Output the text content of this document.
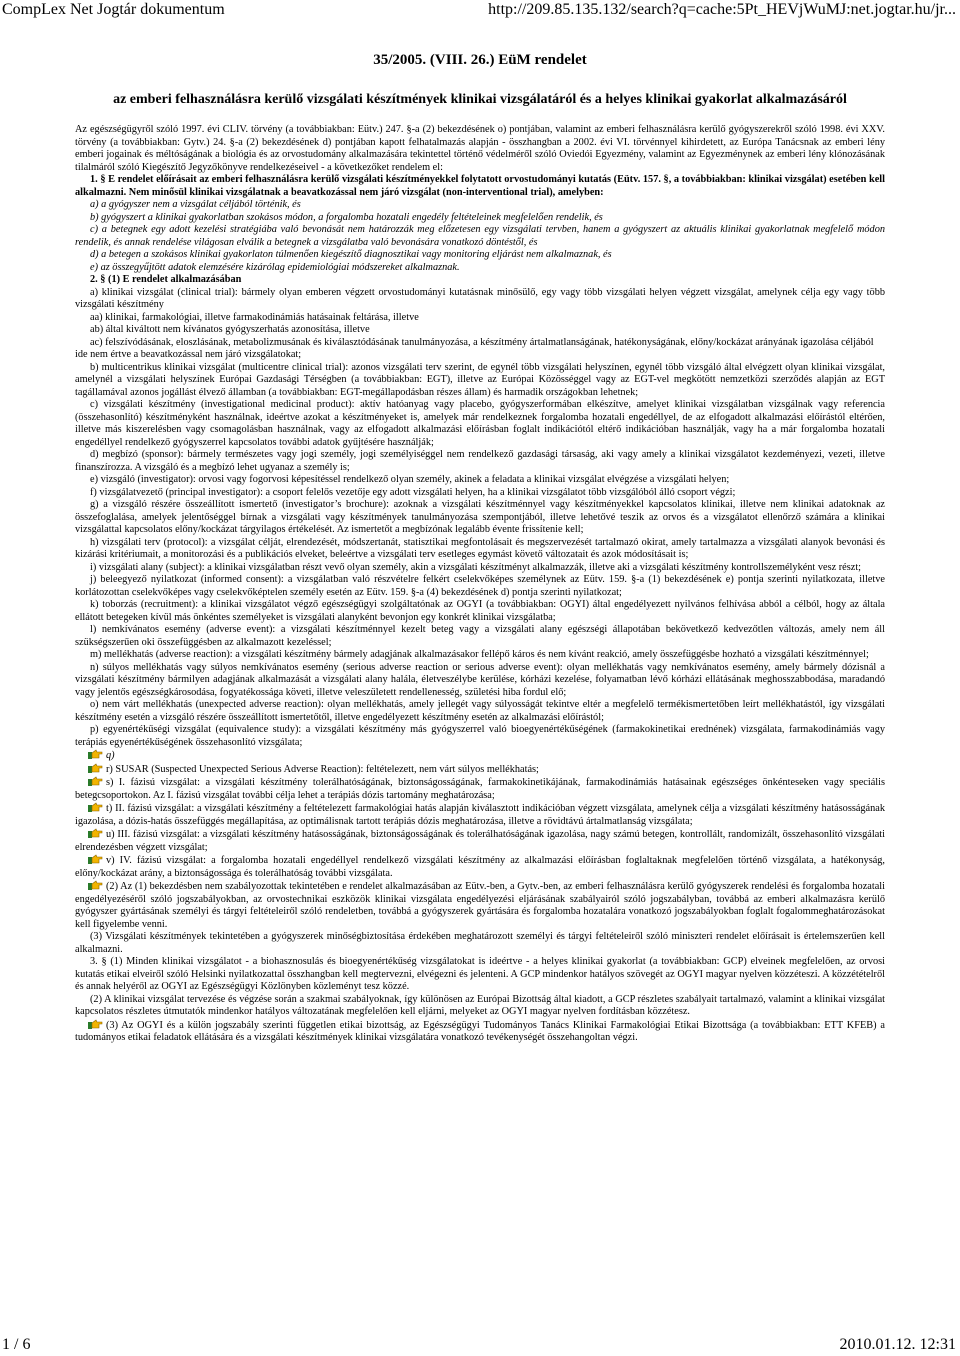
CompLex Net Jogtár dokumentum	http://209.85.135.132/search?q=cache:5Pt_HEVjWuMJ:net.jogtar.hu/jr...
35/2005. (VIII. 26.) EüM rendelet
az emberi felhasználásra kerülő vizsgálati készítmények klinikai vizsgálatáról és a helyes klinikai gyakorlat alkalmazásáról

Az egészségügyről szóló 1997. évi CLIV. törvény (a továbbiakban: Eütv.) 247. §-a (2) bekezdésének o) pontjában, valamint az emberi felhasználásra kerülő gyógyszerekről szóló 1998. évi XXV. törvény (a továbbiakban: Gytv.) 24. §-a (2) bekezdésének d) pontjában kapott felhatalmazás alapján - összhangban a 2002. évi VI. törvénnyel kihirdetett, az Európa Tanácsnak az emberi lény emberi jogainak és méltóságának a biológia és az orvostudomány alkalmazására tekintettel történő védelméről szóló Oviedói Egyezmény, valamint az Egyezménynek az emberi lény klónozásának tilalmáról szóló Kiegészítő Jegyzőkönyve rendelkezéseivel - a következőket rendelem el:

1. § E rendelet előírásait az emberi felhasználásra kerülő vizsgálati készítményekkel folytatott orvostudományi kutatás (Eütv. 157. §, a továbbiakban: klinikai vizsgálat) esetében kell alkalmazni. Nem minősül klinikai vizsgálatnak a beavatkozással nem járó vizsgálat (non-interventional trial), amelyben:

a) a gyógyszer nem a vizsgálat céljából történik, és

b) gyógyszert a klinikai gyakorlatban szokásos módon, a forgalomba hozatali engedély feltételeinek megfelelően rendelik, és

c) a betegnek egy adott kezelési stratégiába való bevonását nem határozzák meg előzetesen egy vizsgálati tervben, hanem a gyógyszert az aktuális klinikai gyakorlatnak megfelelő módon rendelik, és annak rendelése világosan elválik a betegnek a vizsgálatba való bevonására vonatkozó döntéstől, és

d) a betegen a szokásos klinikai gyakorlaton túlmenően kiegészítő diagnosztikai vagy monitoring eljárást nem alkalmaznak, és

e) az összegyűjtött adatok elemzésére kizárólag epidemiológiai módszereket alkalmaznak.

2. § (1) E rendelet alkalmazásában

a) klinikai vizsgálat (clinical trial): bármely olyan emberen végzett orvostudományi kutatásnak minősülő, egy vagy több vizsgálati helyen végzett vizsgálat, amelynek célja egy vagy több vizsgálati készítmény

aa) klinikai, farmakológiai, illetve farmakodinámiás hatásainak feltárása, illetve

ab) által kiváltott nem kívánatos gyógyszerhatás azonosítása, illetve

ac) felszívódásának, eloszlásának, metabolizmusának és kiválasztódásának tanulmányozása, a készítmény ártalmatlanságának, hatékonyságának, előny/kockázat arányának igazolása céljából

ide nem értve a beavatkozással nem járó vizsgálatokat;

b) multicentrikus klinikai vizsgálat (multicentre clinical trial): azonos vizsgálati terv szerint, de egynél több vizsgálati helyszínen, egynél több vizsgáló által elvégzett olyan klinikai vizsgálat, amelynél a vizsgálati helyszínek Európai Gazdasági Térségben (a továbbiakban: EGT), illetve az Európai Közösséggel vagy az EGT-vel megkötött nemzetközi szerződés alapján az EGT tagállamával azonos jogállást élvező államban (a továbbiakban: EGT-megállapodásban részes állam) és harmadik országokban lehetnek;

c) vizsgálati készítmény (investigational medicinal product): aktív hatóanyag vagy placebo, gyógyszerformában elkészítve, amelyet klinikai vizsgálatban vizsgálnak vagy referencia (összehasonlító) készítményként használnak, ideértve azokat a készítményeket is, amelyek már rendelkeznek forgalomba hozatali engedéllyel, de az elfogadott alkalmazási előírástól eltérően, illetve más kiszerelésben vagy csomagolásban használnak, vagy az elfogadott alkalmazási előírásban foglalt indikációtól eltérő indikációban használják, vagy ha a már forgalomba hozatali engedéllyel rendelkező gyógyszerrel kapcsolatos további adatok gyűjtésére használják;

d) megbízó (sponsor): bármely természetes vagy jogi személy, jogi személyiséggel nem rendelkező gazdasági társaság, aki vagy amely a klinikai vizsgálatot kezdeményezi, vezeti, illetve finanszírozza. A vizsgáló és a megbízó lehet ugyanaz a személy is;

e) vizsgáló (investigator): orvosi vagy fogorvosi képesítéssel rendelkező olyan személy, akinek a feladata a klinikai vizsgálat elvégzése a vizsgálati helyen;

f) vizsgálatvezető (principal investigator): a csoport felelős vezetője egy adott vizsgálati helyen, ha a klinikai vizsgálatot több vizsgálóból álló csoport végzi;

g) a vizsgáló részére összeállított ismertető (investigator’s brochure): azoknak a vizsgálati készítménnyel vagy készítményekkel kapcsolatos klinikai, illetve nem klinikai adatoknak az összefoglalása, amelyek jelentőséggel bírnak a vizsgálati vagy készítmények tanulmányozása szempontjából, illetve lehetővé teszik az orvos és a vizsgálatot ellenőrző számára a klinikai vizsgálattal kapcsolatos előny/kockázat tárgyilagos értékelését. Az ismertetőt a megbízónak legalább évente frissítenie kell;

h) vizsgálati terv (protocol): a vizsgálat célját, elrendezését, módszertanát, statisztikai megfontolásait és megszervezését tartalmazó okirat, amely tartalmazza a vizsgálati alanyok bevonási és kizárási kritériumait, a monitorozási és a publikációs elveket, beleértve a vizsgálati terv esetleges egymást követő változatait és azok módosításait is;

i) vizsgálati alany (subject): a klinikai vizsgálatban részt vevő olyan személy, akin a vizsgálati készítményt alkalmazzák, illetve aki a vizsgálati készítmény kontrollszemélyként vesz részt;

j) beleegyező nyilatkozat (informed consent): a vizsgálatban való részvételre felkért cselekvőképes személynek az Eütv. 159. §-a (1) bekezdésének e) pontja szerinti nyilatkozata, illetve korlátozottan cselekvőképes vagy cselekvőképtelen személy esetén az Eütv. 159. §-a (4) bekezdésének d) pontja szerinti nyilatkozat;

k) toborzás (recruitment): a klinikai vizsgálatot végző egészségügyi szolgáltatónak az OGYI (a továbbiakban: OGYI) által engedélyezett nyilvános felhívása abból a célból, hogy az általa ellátott betegeken kívül más önkéntes személyeket is vizsgálati alanyként bevonjon egy konkrét klinikai vizsgálatba;

l) nemkívánatos esemény (adverse event): a vizsgálati készítménnyel kezelt beteg vagy a vizsgálati alany egészségi állapotában bekövetkező kedvezőtlen változás, amely nem áll szükségszerűen oki összefüggésben az alkalmazott kezeléssel;

m) mellékhatás (adverse reaction): a vizsgálati készítmény bármely adagjának alkalmazásakor fellépő káros és nem kívánt reakció, amely összefüggésbe hozható a vizsgálati készítménnyel;

n) súlyos mellékhatás vagy súlyos nemkívánatos esemény (serious adverse reaction or serious adverse event): olyan mellékhatás vagy nemkívánatos esemény, amely bármely dózisnál a vizsgálati készítmény bármilyen adagjának alkalmazását a vizsgálati alany halála, életveszélybe kerülése, kórházi kezelése, folyamatban lévő kórházi ellátásának meghosszabbodása, maradandó vagy jelentős egészségkárosodása, fogyatékossága követi, illetve veleszületett rendellenesség, születési hiba fordul elő;

o) nem várt mellékhatás (unexpected adverse reaction): olyan mellékhatás, amely jellegét vagy súlyosságát tekintve eltér a megfelelő termékismertetőben leírt mellékhatástól, így vizsgálati készítmény esetén a vizsgáló részére összeállított ismertetőtől, illetve engedélyezett készítmény esetén az alkalmazási előírástól;

p) egyenértékűségi vizsgálat (equivalence study): a vizsgálati készítmény más gyógyszerrel való bioegyenértékűségének (farmakokinetikai erednének) vizsgálata, farmakodinámiás vagy terápiás egyenértékűségének összehasonlító vizsgálata;

q)

r) SUSAR (Suspected Unexpected Serious Adverse Reaction): feltételezett, nem várt súlyos mellékhatás;

s) I. fázisú vizsgálat: a vizsgálati készítmény tolerálhatóságának, biztonságosságának, farmakokinetikájának, farmakodinámiás hatásainak egészséges önkénteseken vagy speciális betegcsoportokon. Az I. fázisú vizsgálat további célja lehet a terápiás dózis tartomány meghatározása;

t) II. fázisú vizsgálat: a vizsgálati készítmény a feltételezett farmakológiai hatás alapján kiválasztott indikációban végzett vizsgálata, amelynek célja a vizsgálati készítmény hatásosságának igazolása, a dózis-hatás összefüggés megállapítása, az optimálisnak tartott terápiás dózis meghatározása, illetve a rövidtávú ártalmatlanság vizsgálata;

u) III. fázisú vizsgálat: a vizsgálati készítmény hatásosságának, biztonságosságának és tolerálhatóságának igazolása, nagy számú betegen, kontrollált, randomizált, összehasonlító vizsgálati elrendezésben végzett vizsgálat;

v) IV. fázisú vizsgálat: a forgalomba hozatali engedéllyel rendelkező vizsgálati készítmény az alkalmazási előírásban foglaltaknak megfelelően történő vizsgálata, a hatékonyság, előny/kockázat arány, a biztonságossága és tolerálhatóság további vizsgálata.

(2) Az (1) bekezdésben nem szabályozottak tekintetében e rendelet alkalmazásában az Eütv.-ben, a Gytv.-ben, az emberi felhasználásra kerülő gyógyszerek rendelési és forgalomba hozatali engedélyezéséről szóló jogszabályokban, az orvostechnikai eszközök klinikai vizsgálata engedélyezési eljárásának szabályairól szóló jogszabályban, továbbá az emberi alkalmazásra kerülő gyógyszer gyártásának személyi és tárgyi feltételeiről szóló rendeletben, továbbá a gyógyszerek gyártására és forgalomba hozatalára vonatkozó jogszabályokban foglalt fogalommeghatározásokat kell figyelembe venni.

(3) Vizsgálati készítmények tekintetében a gyógyszerek minőségbiztosítása érdekében meghatározott személyi és tárgyi feltételeiről szóló miniszteri rendelet előírásait is értelemszerűen kell alkalmazni.

3. § (1) Minden klinikai vizsgálatot - a biohasznosulás és bioegyenértékűség vizsgálatokat is ideértve - a helyes klinikai gyakorlat (a továbbiakban: GCP) elveinek megfelelően, az orvosi kutatás etikai elveiről szóló Helsinki nyilatkozattal összhangban kell megtervezni, elvégezni és jelenteni. A GCP mindenkor hatályos szövegét az OGYI magyar nyelven közzéteszi. A közzétételről és annak helyéről az OGYI az Egészségügyi Közlönyben közleményt tesz közzé.

(2) A klinikai vizsgálat tervezése és végzése során a szakmai szabályoknak, így különösen az Európai Bizottság által kiadott, a GCP részletes szabályait tartalmazó, valamint a klinikai vizsgálat kapcsolatos részletes útmutatók mindenkor hatályos változatának megfelelően kell eljárni, melyeket az OGYI magyar nyelven fordításban közzétesz.

(3) Az OGYI és a külön jogszabály szerinti független etikai bizottság, az Egészségügyi Tudományos Tanács Klinikai Farmakológiai Etikai Bizottsága (a továbbiakban: ETT KFEB) a tudományos etikai feladatok ellátására és a vizsgálati készítmények klinikai vizsgálatára vonatkozó tevékenységét összehangoltan végzi.

1 / 6	2010.01.12. 12:31
